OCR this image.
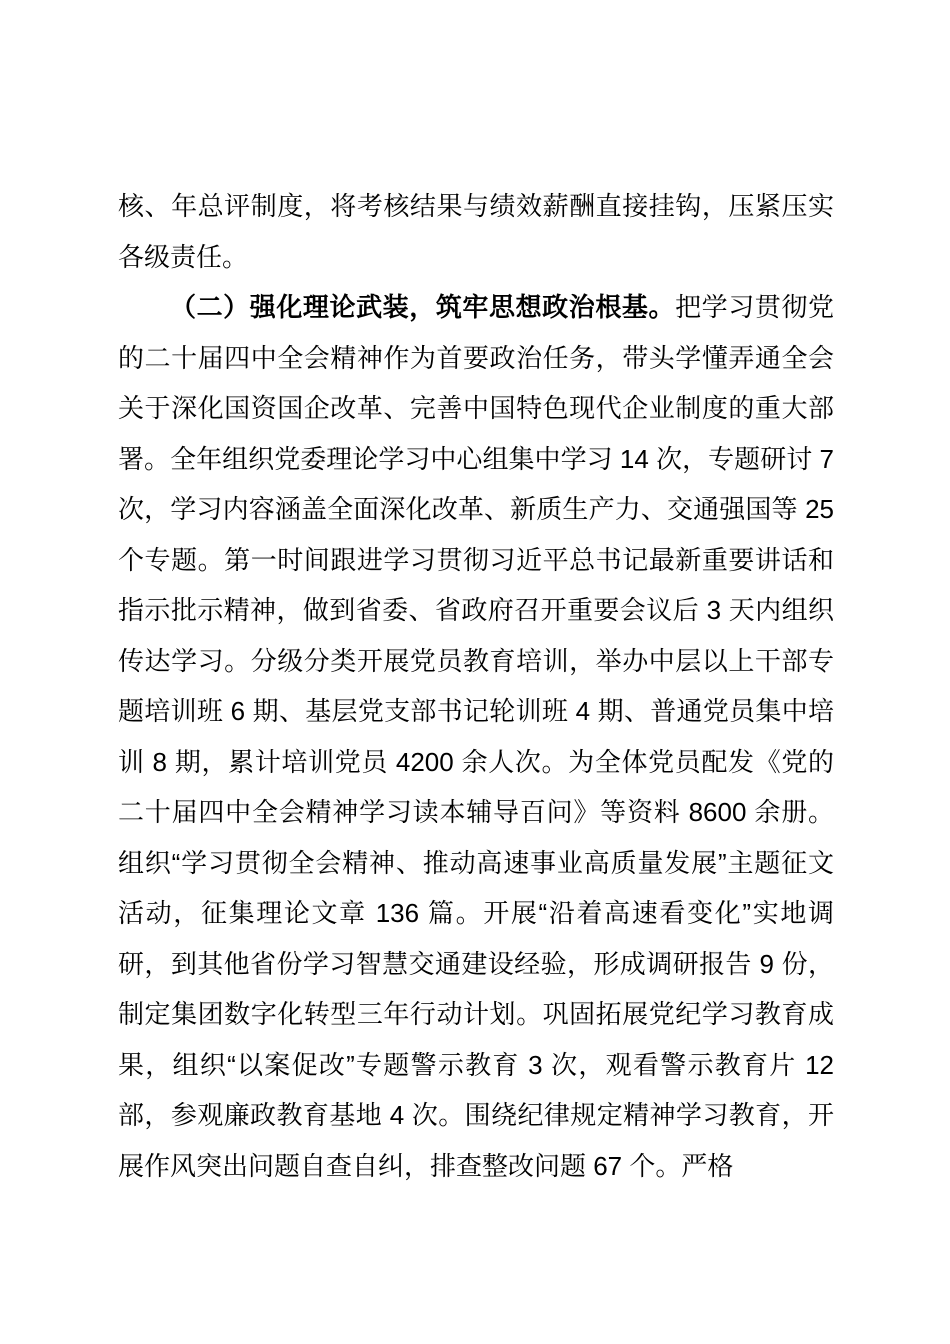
核、年总评制度，将考核结果与绩效薪酬直接挂钩，压紧压实各级责任。

（二）强化理论武装，筑牢思想政治根基。把学习贯彻党的二十届四中全会精神作为首要政治任务，带头学懂弄通全会关于深化国资国企改革、完善中国特色现代企业制度的重大部署。全年组织党委理论学习中心组集中学习 14 次，专题研讨 7 次，学习内容涵盖全面深化改革、新质生产力、交通强国等 25 个专题。第一时间跟进学习贯彻习近平总书记最新重要讲话和指示批示精神，做到省委、省政府召开重要会议后 3 天内组织传达学习。分级分类开展党员教育培训，举办中层以上干部专题培训班 6 期、基层党支部书记轮训班 4 期、普通党员集中培训 8 期，累计培训党员 4200 余人次。为全体党员配发《党的二十届四中全会精神学习读本辅导百问》等资料 8600 余册。组织“学习贯彻全会精神、推动高速事业高质量发展”主题征文活动，征集理论文章 136 篇。开展“沿着高速看变化”实地调研，到其他省份学习智慧交通建设经验，形成调研报告 9 份，制定集团数字化转型三年行动计划。巩固拓展党纪学习教育成果，组织“以案促改”专题警示教育 3 次，观看警示教育片 12 部，参观廉政教育基地 4 次。围绕纪律规定精神学习教育，开展作风突出问题自查自纠，排查整改问题 67 个。严格
